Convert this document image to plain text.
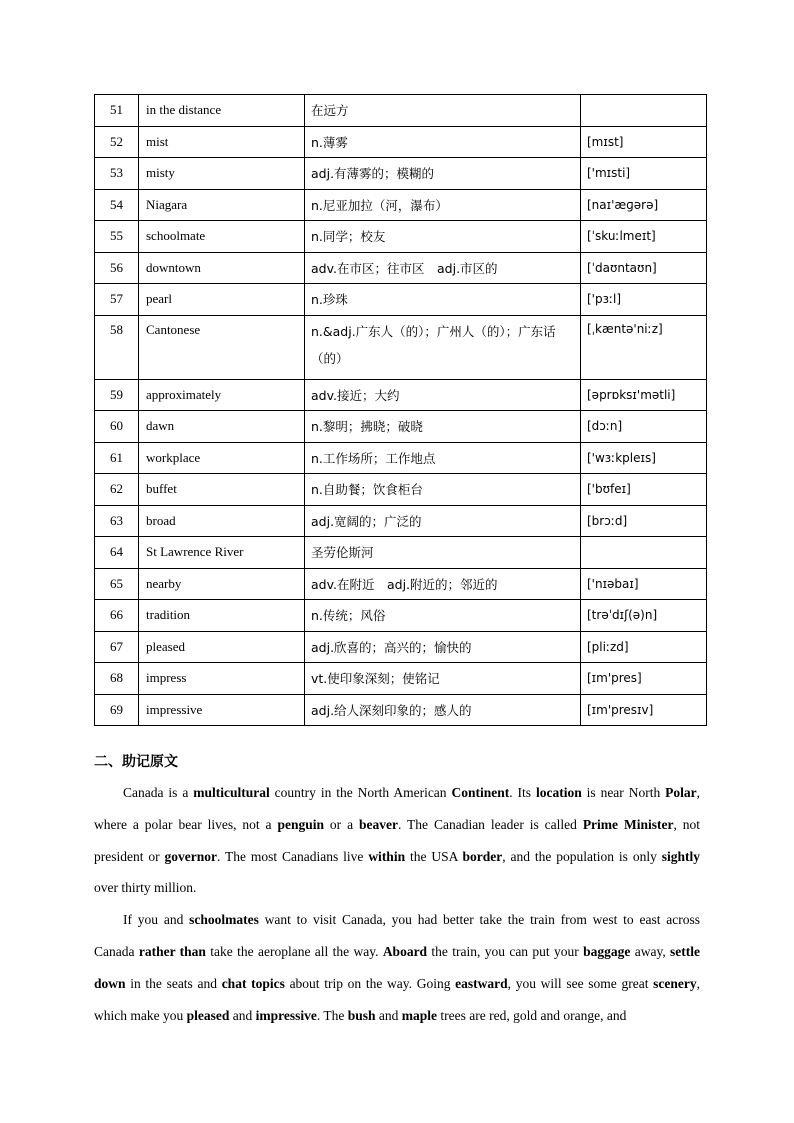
51	in the distance	在远方	
52	mist	n.薄雾	[mɪst]
53	misty	adj.有薄雾的；模糊的	['mɪsti]
54	Niagara	n.尼亚加拉（河，瀑布）	[naɪ'æɡərə]
55	schoolmate	n.同学；校友	[ˈskuːlmeɪt]
56	downtown	adv.在市区；往市区　adj.市区的	[ˈdaʊntaʊn]
57	pearl	n.珍珠	['pɜːl]
58	Cantonese	n.&adj.广东人（的）；广州人（的）；广东话（的）	[ˌkæntə'niːz]
59	approximately	adv.接近；大约	[əprɒksɪ'mətli]
60	dawn	n.黎明；拂晓；破晓	[dɔːn]
61	workplace	n.工作场所；工作地点	['wɜːkpleɪs]
62	buffet	n.自助餐；饮食柜台	['bʊfeɪ]
63	broad	adj.宽阔的；广泛的	[brɔːd]
64	St Lawrence River	圣劳伦斯河	
65	nearby	adv.在附近　adj.附近的；邻近的	['nɪəbaɪ]
66	tradition	n.传统；风俗	[trəˈdɪʃ(ə)n]
67	pleased	adj.欣喜的；高兴的；愉快的	[pliːzd]
68	impress	vt.使印象深刻；使铭记	[ɪm'pres]
69	impressive	adj.给人深刻印象的；感人的	[ɪm'presɪv]
二、助记原文

Canada is a multicultural country in the North American Continent. Its location is near North Polar, where a polar bear lives, not a penguin or a beaver. The Canadian leader is called Prime Minister, not president or governor. The most Canadians live within the USA border, and the population is only sightly over thirty million.

If you and schoolmates want to visit Canada, you had better take the train from west to east across Canada rather than take the aeroplane all the way. Aboard the train, you can put your baggage away, settle down in the seats and chat topics about trip on the way. Going eastward, you will see some great scenery, which make you pleased and impressive. The bush and maple trees are red, gold and orange, and
